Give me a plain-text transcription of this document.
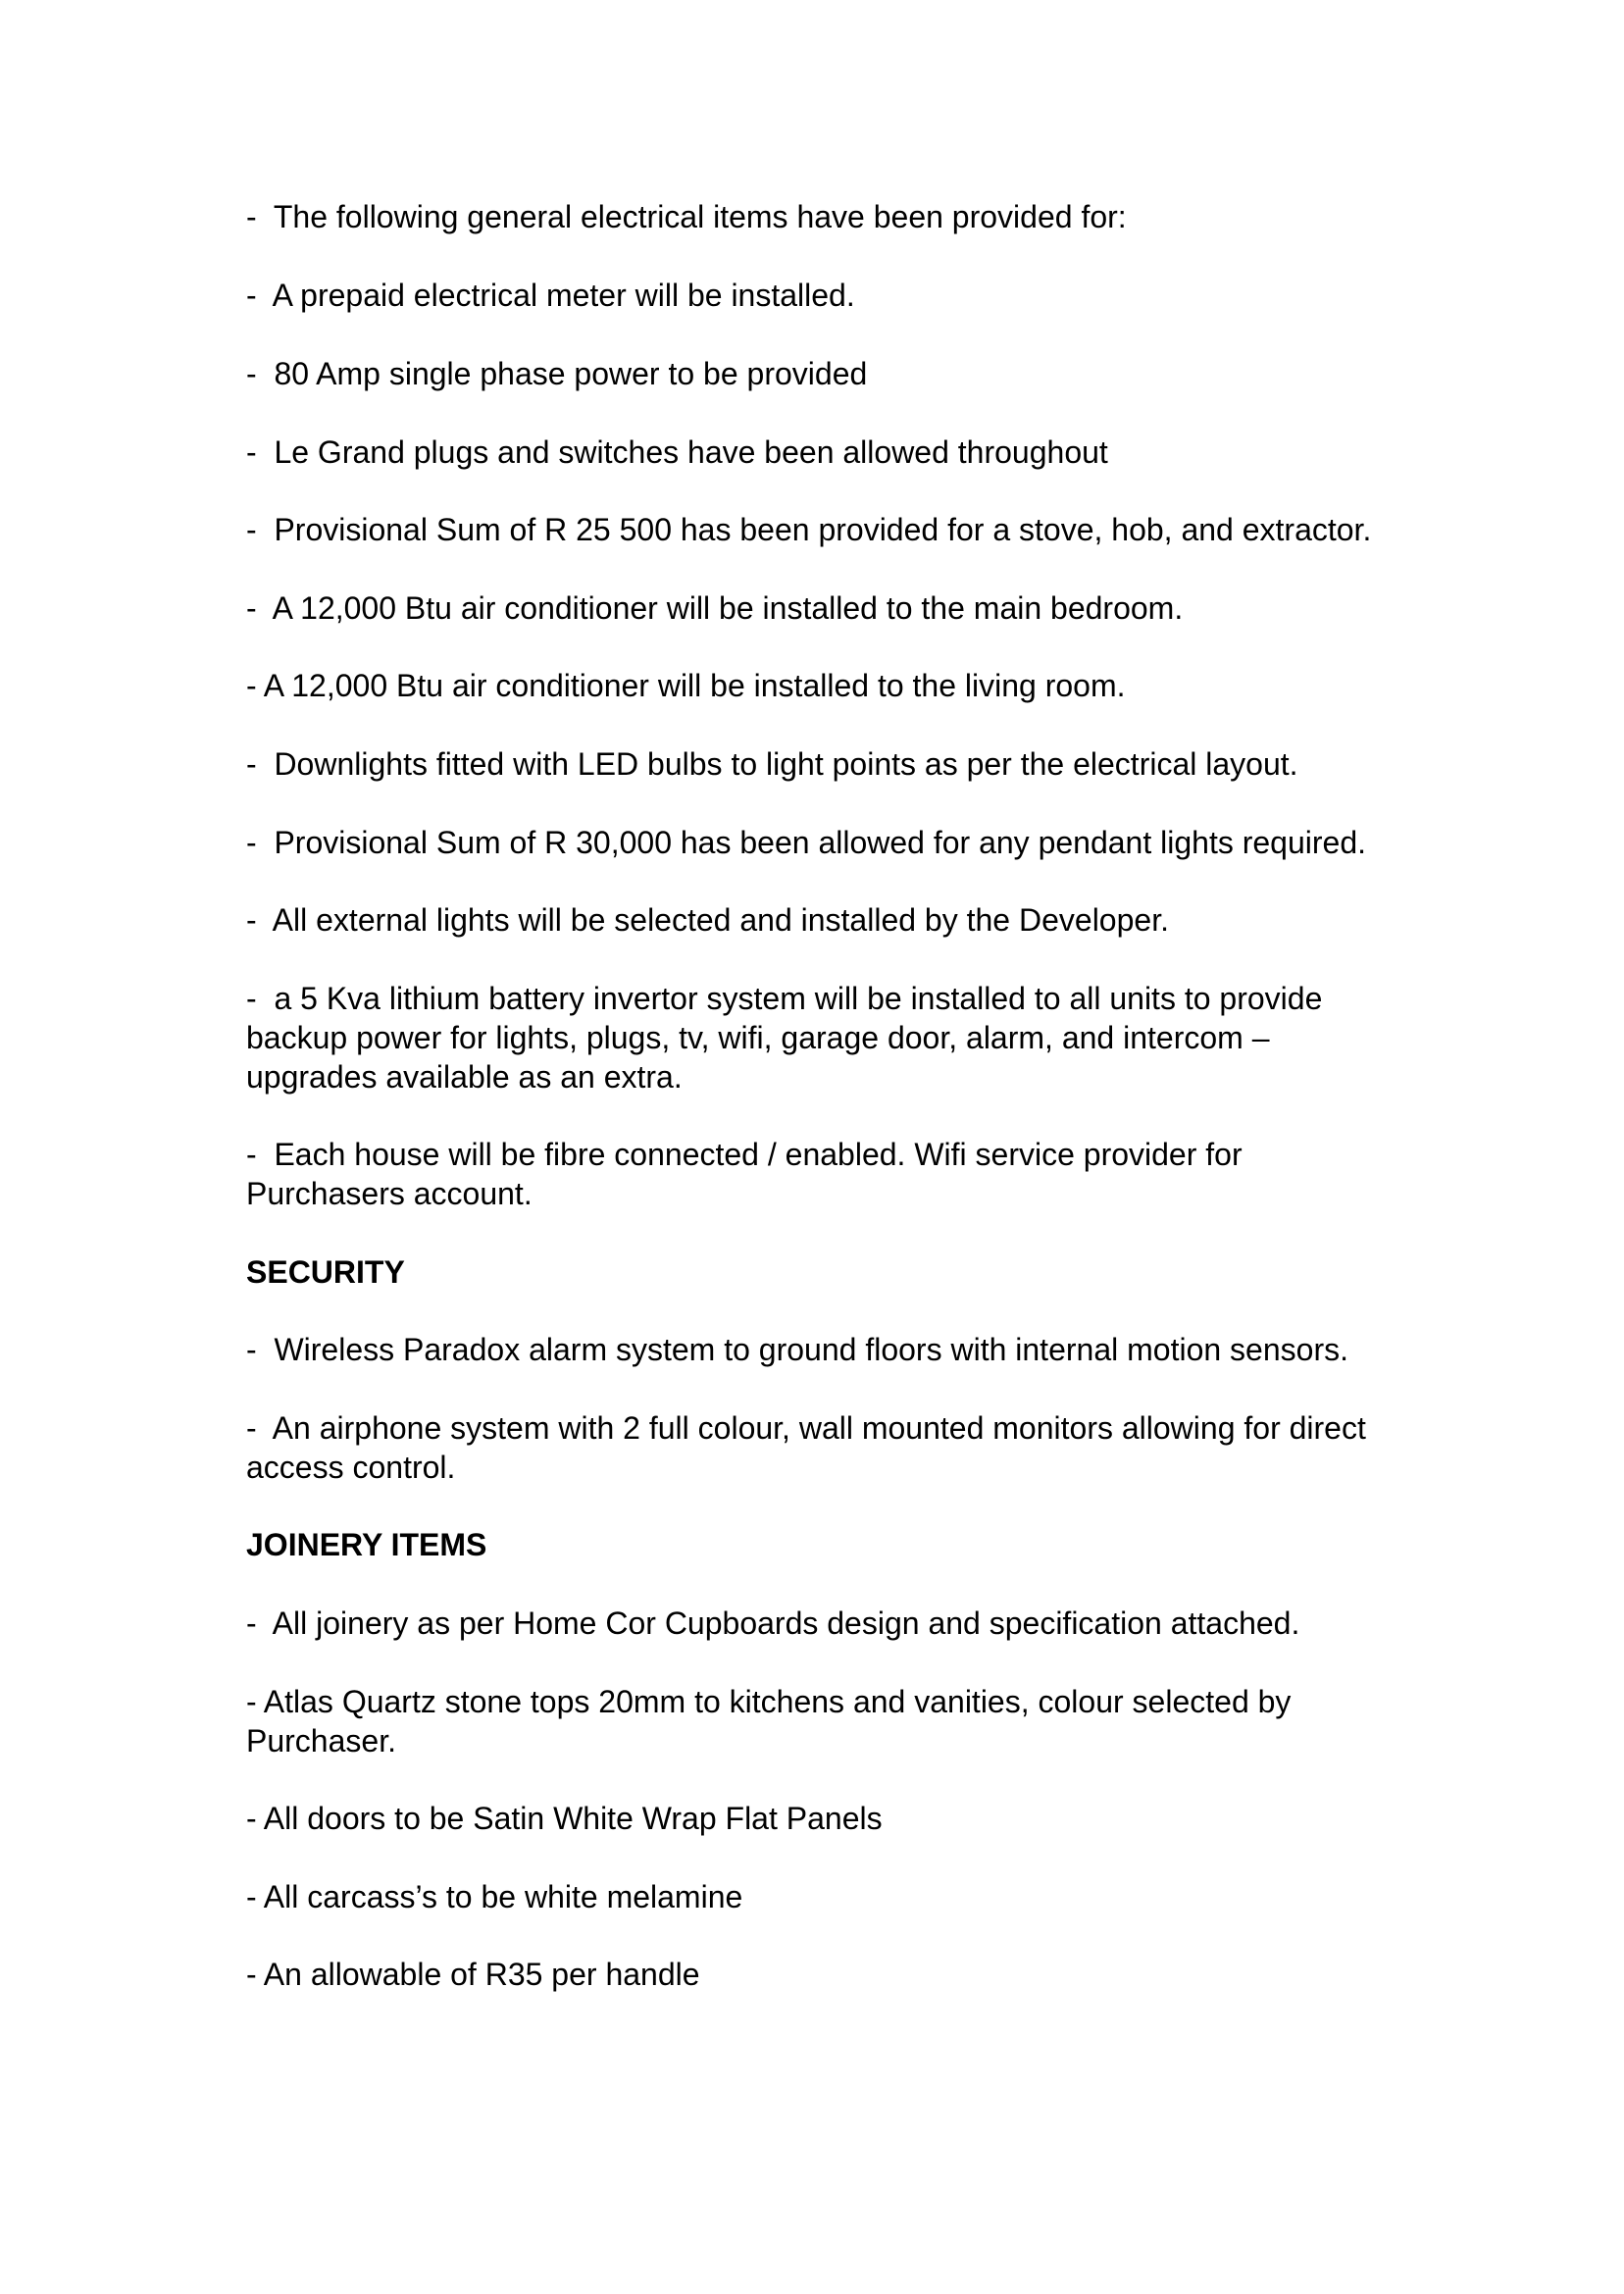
-  The following general electrical items have been provided for:
-  A prepaid electrical meter will be installed.
-  80 Amp single phase power to be provided
-  Le Grand plugs and switches have been allowed throughout
-  Provisional Sum of R 25 500 has been provided for a stove, hob, and extractor.
-  A 12,000 Btu air conditioner will be installed to the main bedroom.
- A 12,000 Btu air conditioner will be installed to the living room.
-  Downlights fitted with LED bulbs to light points as per the electrical layout.
-  Provisional Sum of R 30,000 has been allowed for any pendant lights required.
-  All external lights will be selected and installed by the Developer.
-  a 5 Kva lithium battery invertor system will be installed to all units to provide
backup power for lights, plugs, tv, wifi, garage door, alarm, and intercom –
upgrades available as an extra.
-  Each house will be fibre connected / enabled. Wifi service provider for
Purchasers account.
SECURITY
-  Wireless Paradox alarm system to ground floors with internal motion sensors.
-  An airphone system with 2 full colour, wall mounted monitors allowing for direct
access control.
JOINERY ITEMS
-  All joinery as per Home Cor Cupboards design and specification attached.
- Atlas Quartz stone tops 20mm to kitchens and vanities, colour selected by
Purchaser.
- All doors to be Satin White Wrap Flat Panels
- All carcass’s to be white melamine
- An allowable of R35 per handle
